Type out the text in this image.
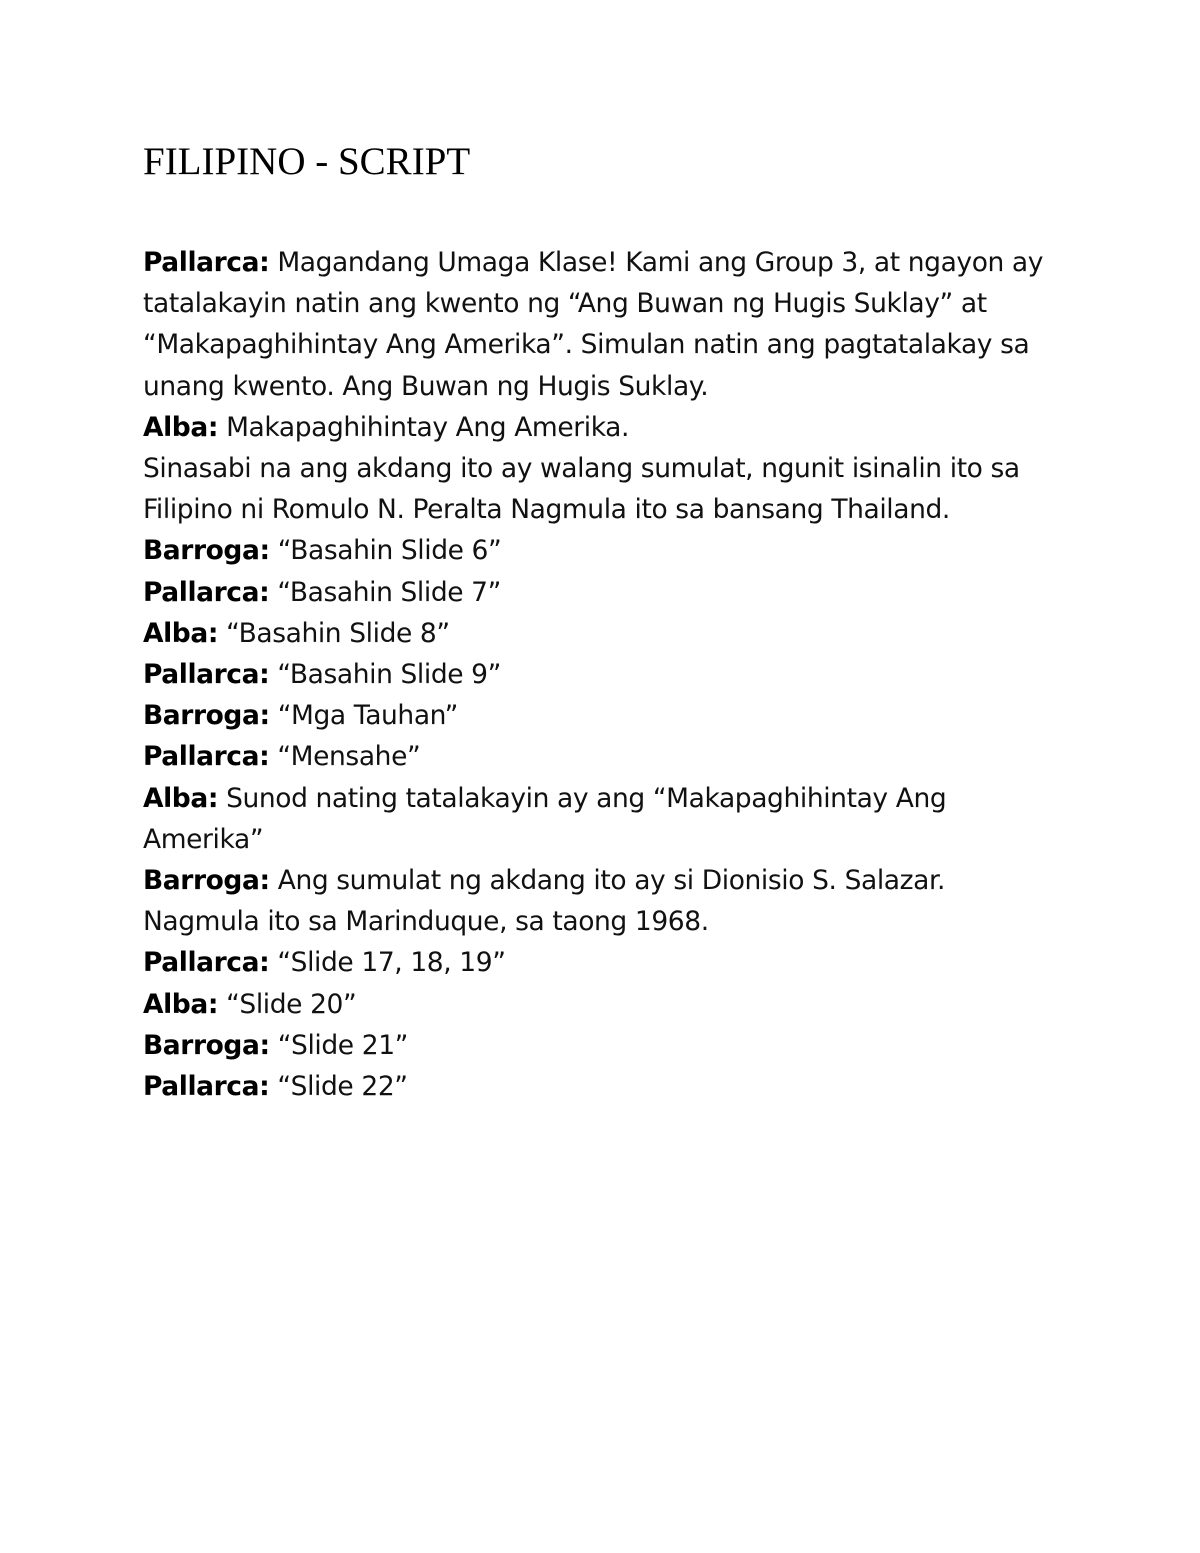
FILIPINO - SCRIPT

Pallarca: Magandang Umaga Klase! Kami ang Group 3, at ngayon ay tatalakayin natin ang kwento ng “Ang Buwan ng Hugis Suklay” at “Makapaghihintay Ang Amerika”. Simulan natin ang pagtatalakay sa unang kwento. Ang Buwan ng Hugis Suklay.

Alba: Makapaghihintay Ang Amerika.

Sinasabi na ang akdang ito ay walang sumulat, ngunit isinalin ito sa Filipino ni Romulo N. Peralta Nagmula ito sa bansang Thailand.

Barroga: “Basahin Slide 6”

Pallarca: “Basahin Slide 7”

Alba: “Basahin Slide 8”

Pallarca: “Basahin Slide 9”

Barroga: “Mga Tauhan”

Pallarca: “Mensahe”

Alba: Sunod nating tatalakayin ay ang “Makapaghihintay Ang Amerika”

Barroga: Ang sumulat ng akdang ito ay si Dionisio S. Salazar. Nagmula ito sa Marinduque, sa taong 1968.

Pallarca: “Slide 17, 18, 19”

Alba: “Slide 20”

Barroga: “Slide 21”

Pallarca: “Slide 22”
